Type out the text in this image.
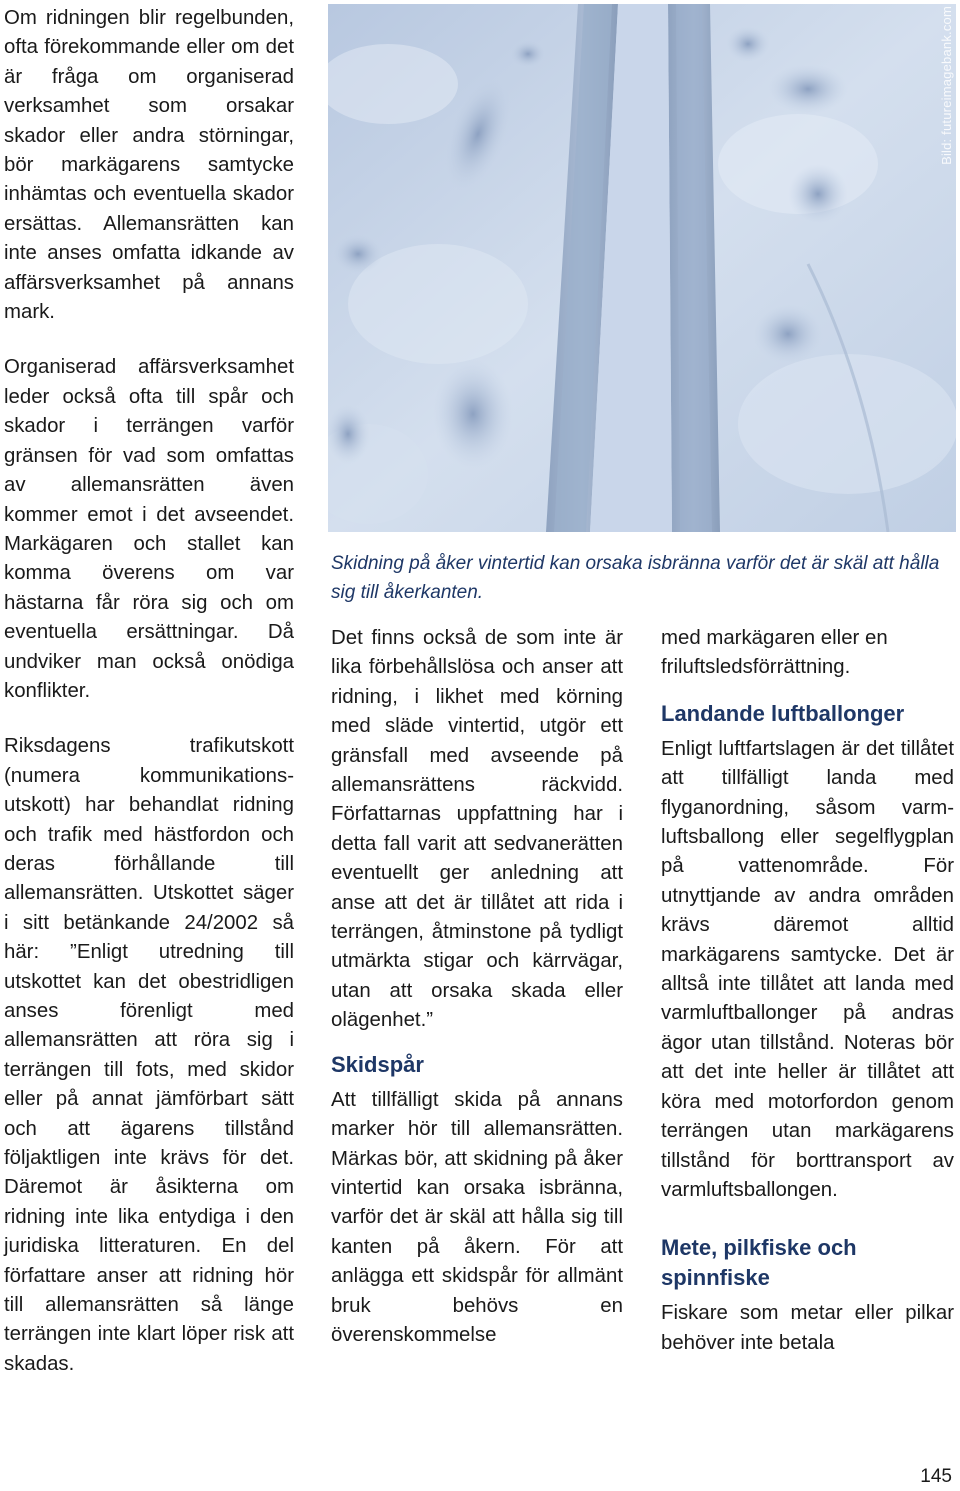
Om ridningen blir regelbunden, ofta förekommande eller om det är fråga om organiserad verksamhet som orsakar skador eller andra störningar, bör markägarens samtycke inhämtas och eventuella skador ersättas. Allemansrätten kan inte anses omfatta idkande av affärsverksamhet på annans mark.

Organiserad affärsverksamhet leder också ofta till spår och skador i terrängen varför gränsen för vad som omfattas av allemansrätten även kommer emot i det avseendet. Markägaren och stallet kan komma överens om var hästarna får röra sig och om eventuella ersättningar. Då undviker man också onödiga konflikter.

Riksdagens trafikutskott (numera kommunikationsutskott) har behandlat ridning och trafik med hästfordon och deras förhållande till allemansrätten. Utskottet säger i sitt betänkande 24/2002 så här: ”Enligt utredning till utskottet kan det obestridligen anses förenligt med allemansrätten att röra sig i terrängen till fots, med skidor eller på annat jämförbart sätt och att ägarens tillstånd följaktligen inte krävs för det. Däremot är åsikterna om ridning inte lika entydiga i den juridiska litteraturen. En del författare anser att ridning hör till allemansrätten så länge terrängen inte klart löper risk att skadas.

Bild: futureimagebank.com
Skidning på åker vintertid kan orsaka isbränna varför det är skäl att hålla sig till åkerkanten.

Det finns också de som inte är lika förbehållslösa och anser att ridning, i likhet med körning med släde vintertid, utgör ett gränsfall med avseende på allemansrättens räckvidd. Författarnas uppfattning har i detta fall varit att sedvanerätten eventuellt ger anledning att anse att det är tillåtet att rida i terrängen, åtminstone på tydligt utmärkta stigar och kärrvägar, utan att orsaka skada eller olägenhet.”

Skidspår

Att tillfälligt skida på annans marker hör till allemansrätten. Märkas bör, att skidning på åker vintertid kan orsaka isbränna, varför det är skäl att hålla sig till kanten på åkern. För att anlägga ett skidspår för allmänt bruk behövs en överenskommelse

med markägaren eller en friluftsledsförrättning.

Landande luftballonger

Enligt luftfartslagen är det tillåtet att tillfälligt landa med flyganordning, såsom varmluftsballong eller segelflygplan på vattenområde. För utnyttjande av andra områden krävs däremot alltid markägarens samtycke. Det är alltså inte tillåtet att landa med varmluftballonger på andras ägor utan tillstånd. Noteras bör att det inte heller är tillåtet att köra med motorfordon genom terrängen utan markägarens tillstånd för borttransport av varmluftsballongen.

Mete, pilkfiske och spinnfiske

Fiskare som metar eller pilkar behöver inte betala

145
